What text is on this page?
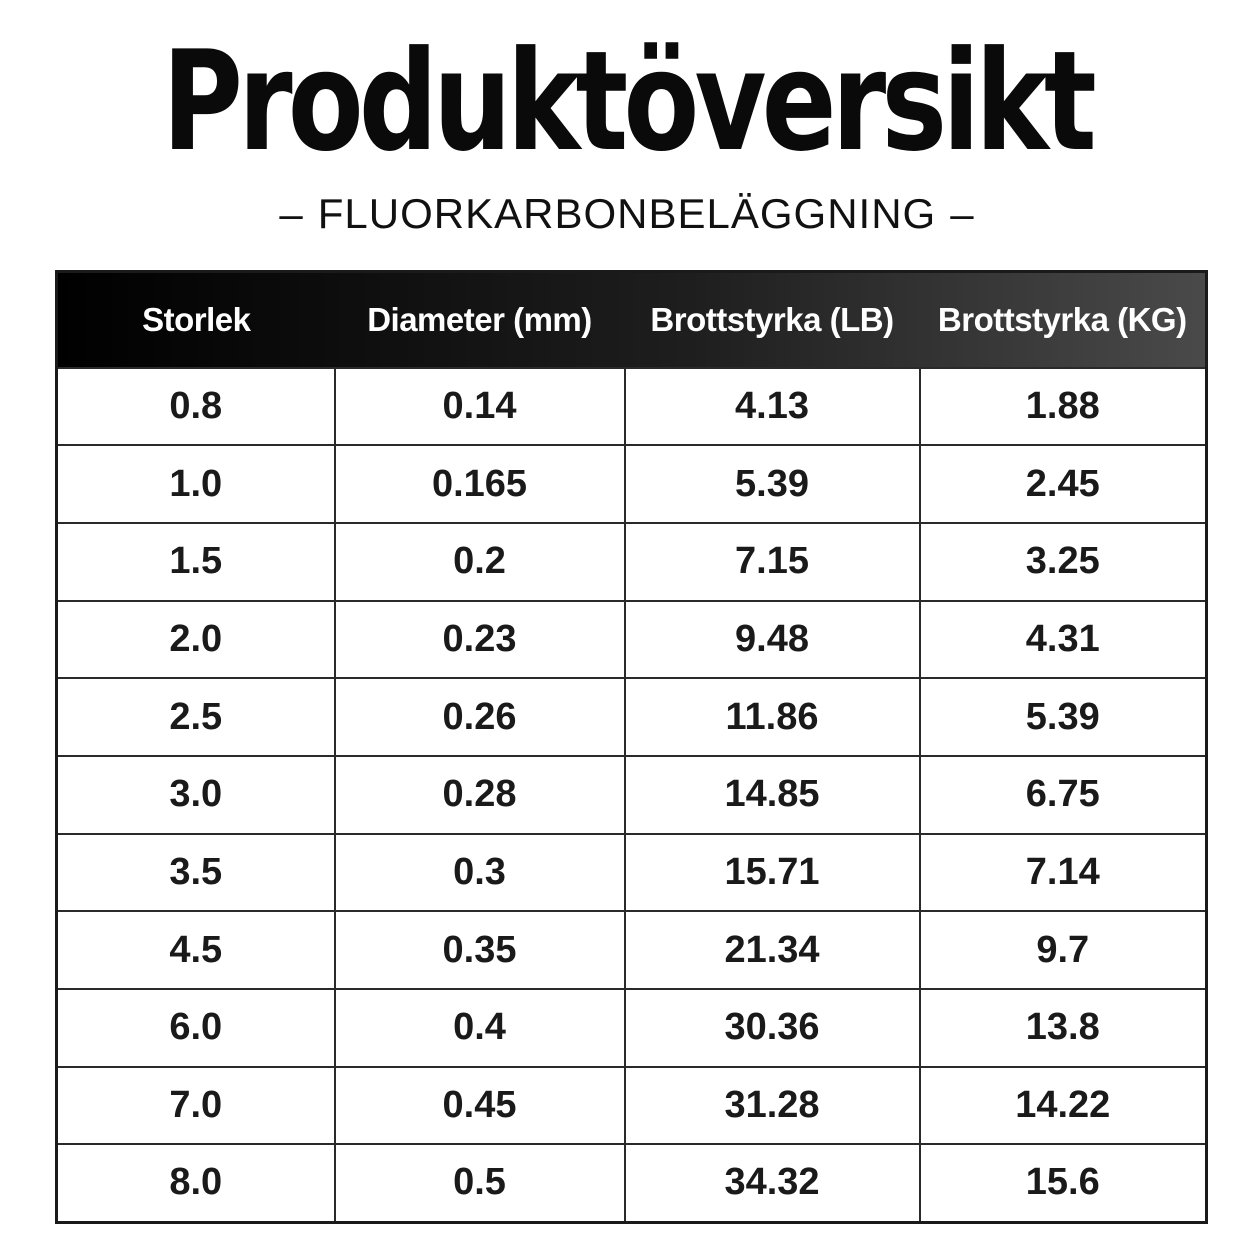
Produktöversikt
– FLUORKARBONBELÄGGNING –
Storlek	Diameter (mm)	Brottstyrka (LB)	Brottstyrka (KG)
0.8	0.14	4.13	1.88
1.0	0.165	5.39	2.45
1.5	0.2	7.15	3.25
2.0	0.23	9.48	4.31
2.5	0.26	11.86	5.39
3.0	0.28	14.85	6.75
3.5	0.3	15.71	7.14
4.5	0.35	21.34	9.7
6.0	0.4	30.36	13.8
7.0	0.45	31.28	14.22
8.0	0.5	34.32	15.6
